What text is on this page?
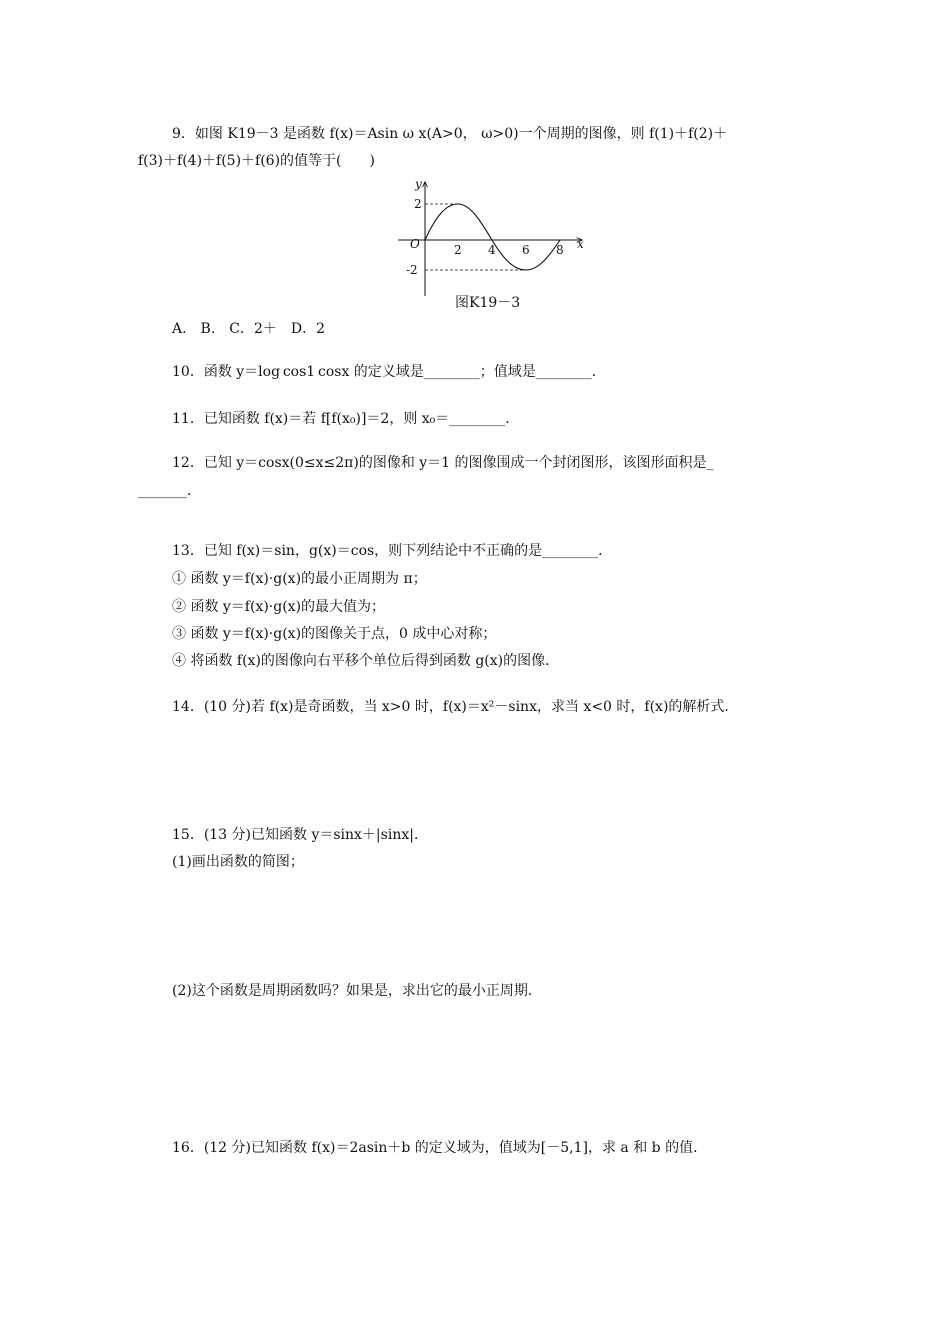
9．如图 K19－3 是函数 f(x)＝Asin ω x(A>0， ω>0)一个周期的图像，则 f(1)＋f(2)＋
f(3)＋f(4)＋f(5)＋f(6)的值等于(　　)
y
x
O
2
-2
2 4 6 8
图K19－3
A.　B.　C．2＋　D．2
10．函数 y＝log cos1 cosx 的定义域是________；值域是________．
11．已知函数 f(x)＝若 f[f(x₀)]＝2，则 x₀＝________．
12．已知 y＝cosx(0≤x≤2π)的图像和 y＝1 的图像围成一个封闭图形，该图形面积是_
_______．
13．已知 f(x)＝sin，g(x)＝cos，则下列结论中不正确的是________．
① 函数 y＝f(x)·g(x)的最小正周期为 π；
② 函数 y＝f(x)·g(x)的最大值为；
③ 函数 y＝f(x)·g(x)的图像关于点，0 成中心对称；
④ 将函数 f(x)的图像向右平移个单位后得到函数 g(x)的图像．
14．(10 分)若 f(x)是奇函数，当 x>0 时，f(x)＝x²－sinx，求当 x<0 时，f(x)的解析式．
15．(13 分)已知函数 y＝sinx＋|sinx|．
(1)画出函数的简图；
(2)这个函数是周期函数吗？如果是，求出它的最小正周期．
16．(12 分)已知函数 f(x)＝2asin＋b 的定义域为，值域为[－5,1]，求 a 和 b 的值．
